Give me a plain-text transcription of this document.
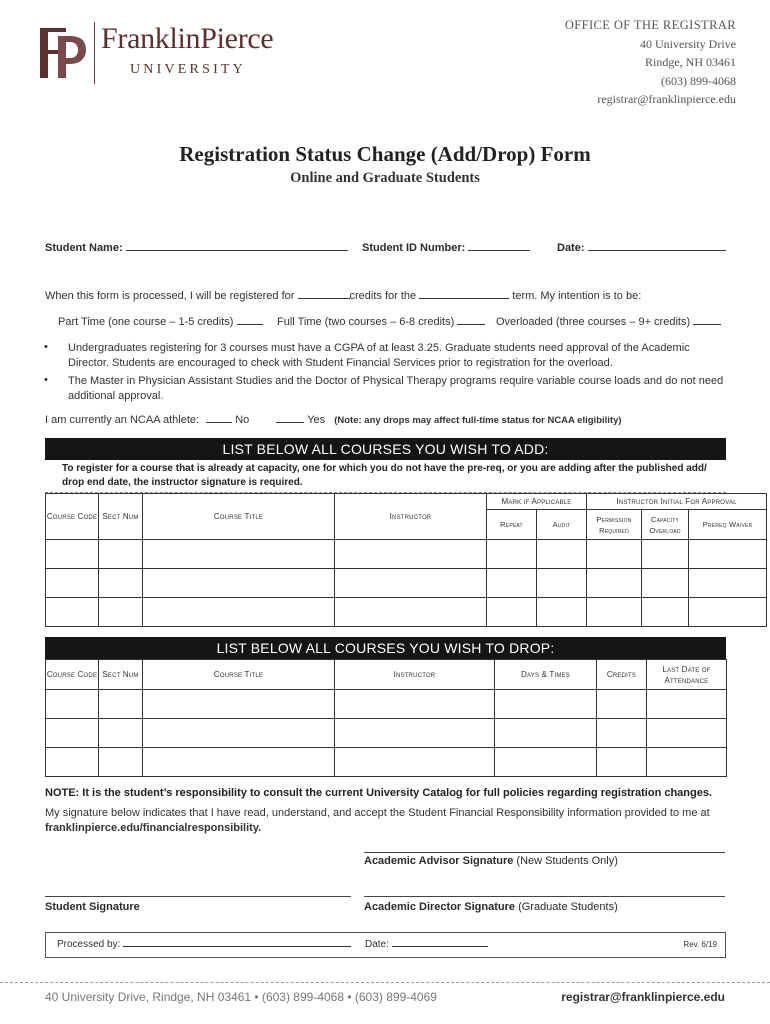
FranklinPierce
UNIVERSITY
OFFICE OF THE REGISTRAR
40 University Drive
Rindge, NH 03461
(603) 899-4068
registrar@franklinpierce.edu
Registration Status Change (Add/Drop) Form
Online and Graduate Students
Student Name:	Student ID Number:	Date:
When this form is processed, I will be registered for	credits for the	term. My intention is to be:
Part Time (one course – 1-5 credits)	Full Time (two courses – 6-8 credits)	Overloaded (three courses – 9+ credits)
• Undergraduates registering for 3 courses must have a CGPA of at least 3.25. Graduate students need approval of the Academic Director. Students are encouraged to check with Student Financial Services prior to registration for the overload.
• The Master in Physician Assistant Studies and the Doctor of Physical Therapy programs require variable course loads and do not need additional approval.
I am currently an NCAA athlete:	No	Yes (Note: any drops may affect full-time status for NCAA eligibility)
LIST BELOW ALL COURSES YOU WISH TO ADD:
To register for a course that is already at capacity, one for which you do not have the pre-req, or you are adding after the published add/ drop end date, the instructor signature is required.
Course Code	Sect Num	Course Title	Instructor	Mark if Applicable		Instructor Initial For Approval		
				Repeat	Audit	Permission Required	Capacity Overload	Prereq Waiver

LIST BELOW ALL COURSES YOU WISH TO DROP:
Course Code	Sect Num	Course Title	Instructor	Days & Times	Credits	Last Date of Attendance

NOTE: It is the student’s responsibility to consult the current University Catalog for full policies regarding registration changes.
My signature below indicates that I have read, understand, and accept the Student Financial Responsibility information provided to me at franklinpierce.edu/financialresponsibility.
Academic Advisor Signature (New Students Only)
Student Signature	Academic Director Signature (Graduate Students)
Processed by:	Date:	Rev. 6/19
40 University Drive, Rindge, NH 03461 • (603) 899-4068 • (603) 899-4069	registrar@franklinpierce.edu
